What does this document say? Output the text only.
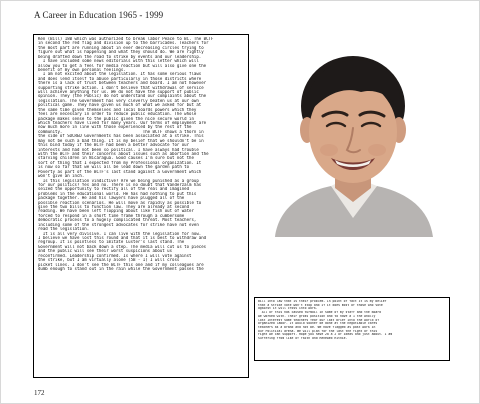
A Career in Education 1965 - 1999
Ken (Bill) 180 which was authorized to break labor Peace to BC. The BCTF
in second the red flag and division up to the barricades. Teachers for
the most part are running about in ever decreasing circles trying to
figure out what is happening and what they should do. We are rightly
being drafted down the road to strike by events and our leadership.
I have included some news editorials with this letter which will
allow you to get a feel for media reaction but will also give one the
benefit of my own personal feelings.
I am not excited about the legislation. It has some serious flaws
and does lend itself to abuse particularly in those districts where
there is a lack of trust between teachers and board. I am not however
supporting strike action. I don't believe that withdrawal of service
will achieve anything for us. We do not have the support of public
opinion. They (the Public) do not understand our complaints about the
legislation. The Government has very cleverly beaten us at our own
political game. They have given us much of what we asked for but at
the same time given themselves and local boards powers which they
feel are necessary in order to reduce public education. The whole
package makes sense to the public given the nice secure world in
which teachers have lived for many years. Our terms of employment are
now much more in line with those experienced by the rest of the
community.                                 The BCTF shows a thorn in
the side of SOCRED Governments has been associated at a strike. This
may not be such a bad thing. It is my belief that we shouldn't be in
this bind today if the BCTF had been a better advocate for our
interests and had not been so political. I have always had trouble
with the BCTF and their concerns about issues such as abortion and the
starving children in Nicaragua. Good causes I'm sure but not the
sort of thing that I expected from my Professional organization. It
is now so far that we will all be lead down the garden path to
Poverty as part of the BCTF's last stand against a Government which
won't give an inch.
Is this legislation vindictive? Are we being punished as a group
for our politics? Yes and no. There is no doubt that Vanderzalm has
seized the opportunity to rectify all of the real and imagined
problems in the educational world. He has had nothing to put this
package together. He and his lawyers have plugged all of the
possible reaction scenarios. He will move as rapidly as possible to
give the two bills to function law. They are already at second
reading. We have been left flopping about like fish out of water
forced to respond in a short time frame through a cumbersome
democratic process to a hugely complicated threat. Most teachers,
including some of the strongest advocates for strike have not even
read the legislation.
It is all very divisive. I can live with the legislation for now.
I believe we have lost this round and that it is best to withdraw and
regroup. It is pointless to imitate Custer's last stand. The
Government will not back down a step. The media will cut us to pieces
and the public will see their worst suspicions about us
reconfirmed. Leadership confirmed. Is where I will vote against
the strike, but I am virtually alone (5B - 1) I will cross
picket lines. I don't see the BCTF this one and if my colleagues are
dumb enough to stand out in the rain while the Government passes the
Bill into law that is their problem. In point of fact it is my belief
that a strike vote won't stop and if it does most of those who vote
against it will cross into work.
All of this has caused turmoil in some of my staff and the Board
we worked with. Their gross position and to have a 1 the wholly
lost Interest some teachers fear our last brief into the world of
organized labor. It would sooner be done at the negotiable cares
teachers as a brand and not be. We have flagged as past work in
our Political arena. We will plan for the last the fight of this
Fight we can support. Hope you have 2a a 2 of ideas and just about. I am
suffering from like of faith and Renewed Rithie.
172
